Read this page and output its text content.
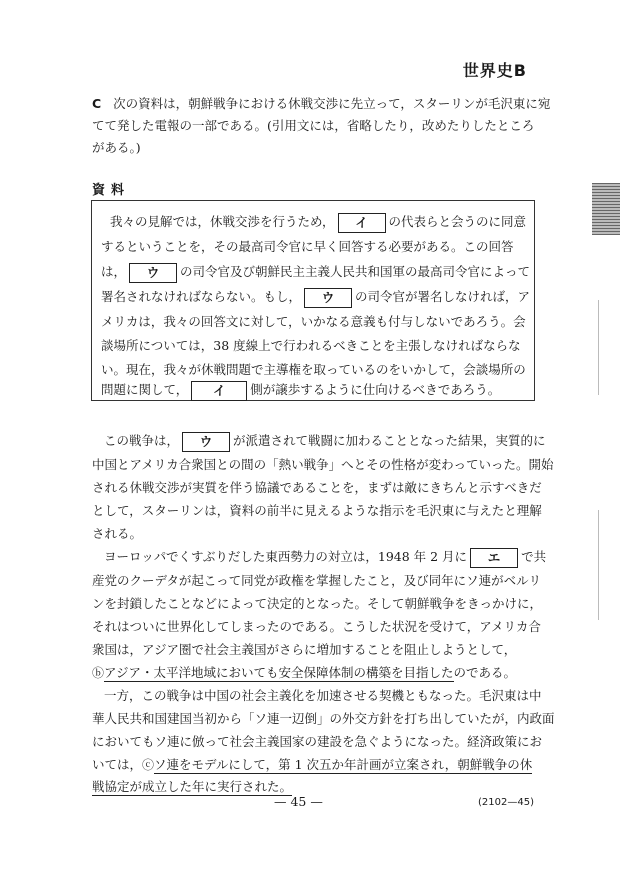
世界史B
C 次の資料は，朝鮮戦争における休戦交渉に先立って，スターリンが毛沢東に宛
てて発した電報の一部である。(引用文には，省略したり，改めたりしたところ
がある。)
資料
我々の見解では，休戦交渉を行うため， イ の代表らと会うのに同意
するということを，その最高司令官に早く回答する必要がある。この回答
は， ウ の司令官及び朝鮮民主主義人民共和国軍の最高司令官によって
署名されなければならない。もし， ウ の司令官が署名しなければ，ア
メリカは，我々の回答文に対して，いかなる意義も付与しないであろう。会
談場所については，38 度線上で行われるべきことを主張しなければならな
い。現在，我々が休戦問題で主導権を取っているのをいかして，会談場所の
問題に関して， イ 側が譲歩するように仕向けるべきであろう。
この戦争は， ウ が派遣されて戦闘に加わることとなった結果，実質的に
中国とアメリカ合衆国との間の「熱い戦争」へとその性格が変わっていった。開始
される休戦交渉が実質を伴う協議であることを，まずは敵にきちんと示すべきだ
として，スターリンは，資料の前半に見えるような指示を毛沢東に与えたと理解
される。
ヨーロッパでくすぶりだした東西勢力の対立は，1948 年 2 月に エ で共
産党のクーデタが起こって同党が政権を掌握したこと，及び同年にソ連がベルリ
ンを封鎖したことなどによって決定的となった。そして朝鮮戦争をきっかけに，
それはついに世界化してしまったのである。こうした状況を受けて，アメリカ合
衆国は，アジア圏で社会主義国がさらに増加することを阻止しようとして，
ⓑアジア・太平洋地域においても安全保障体制の構築を目指したのである。
一方，この戦争は中国の社会主義化を加速させる契機ともなった。毛沢東は中
華人民共和国建国当初から「ソ連一辺倒」の外交方針を打ち出していたが，内政面
においてもソ連に倣って社会主義国家の建設を急ぐようになった。経済政策にお
いては，ⓒソ連をモデルにして，第 1 次五か年計画が立案され，朝鮮戦争の休
戦協定が成立した年に実行された。
— 45 —	(2102—45)
